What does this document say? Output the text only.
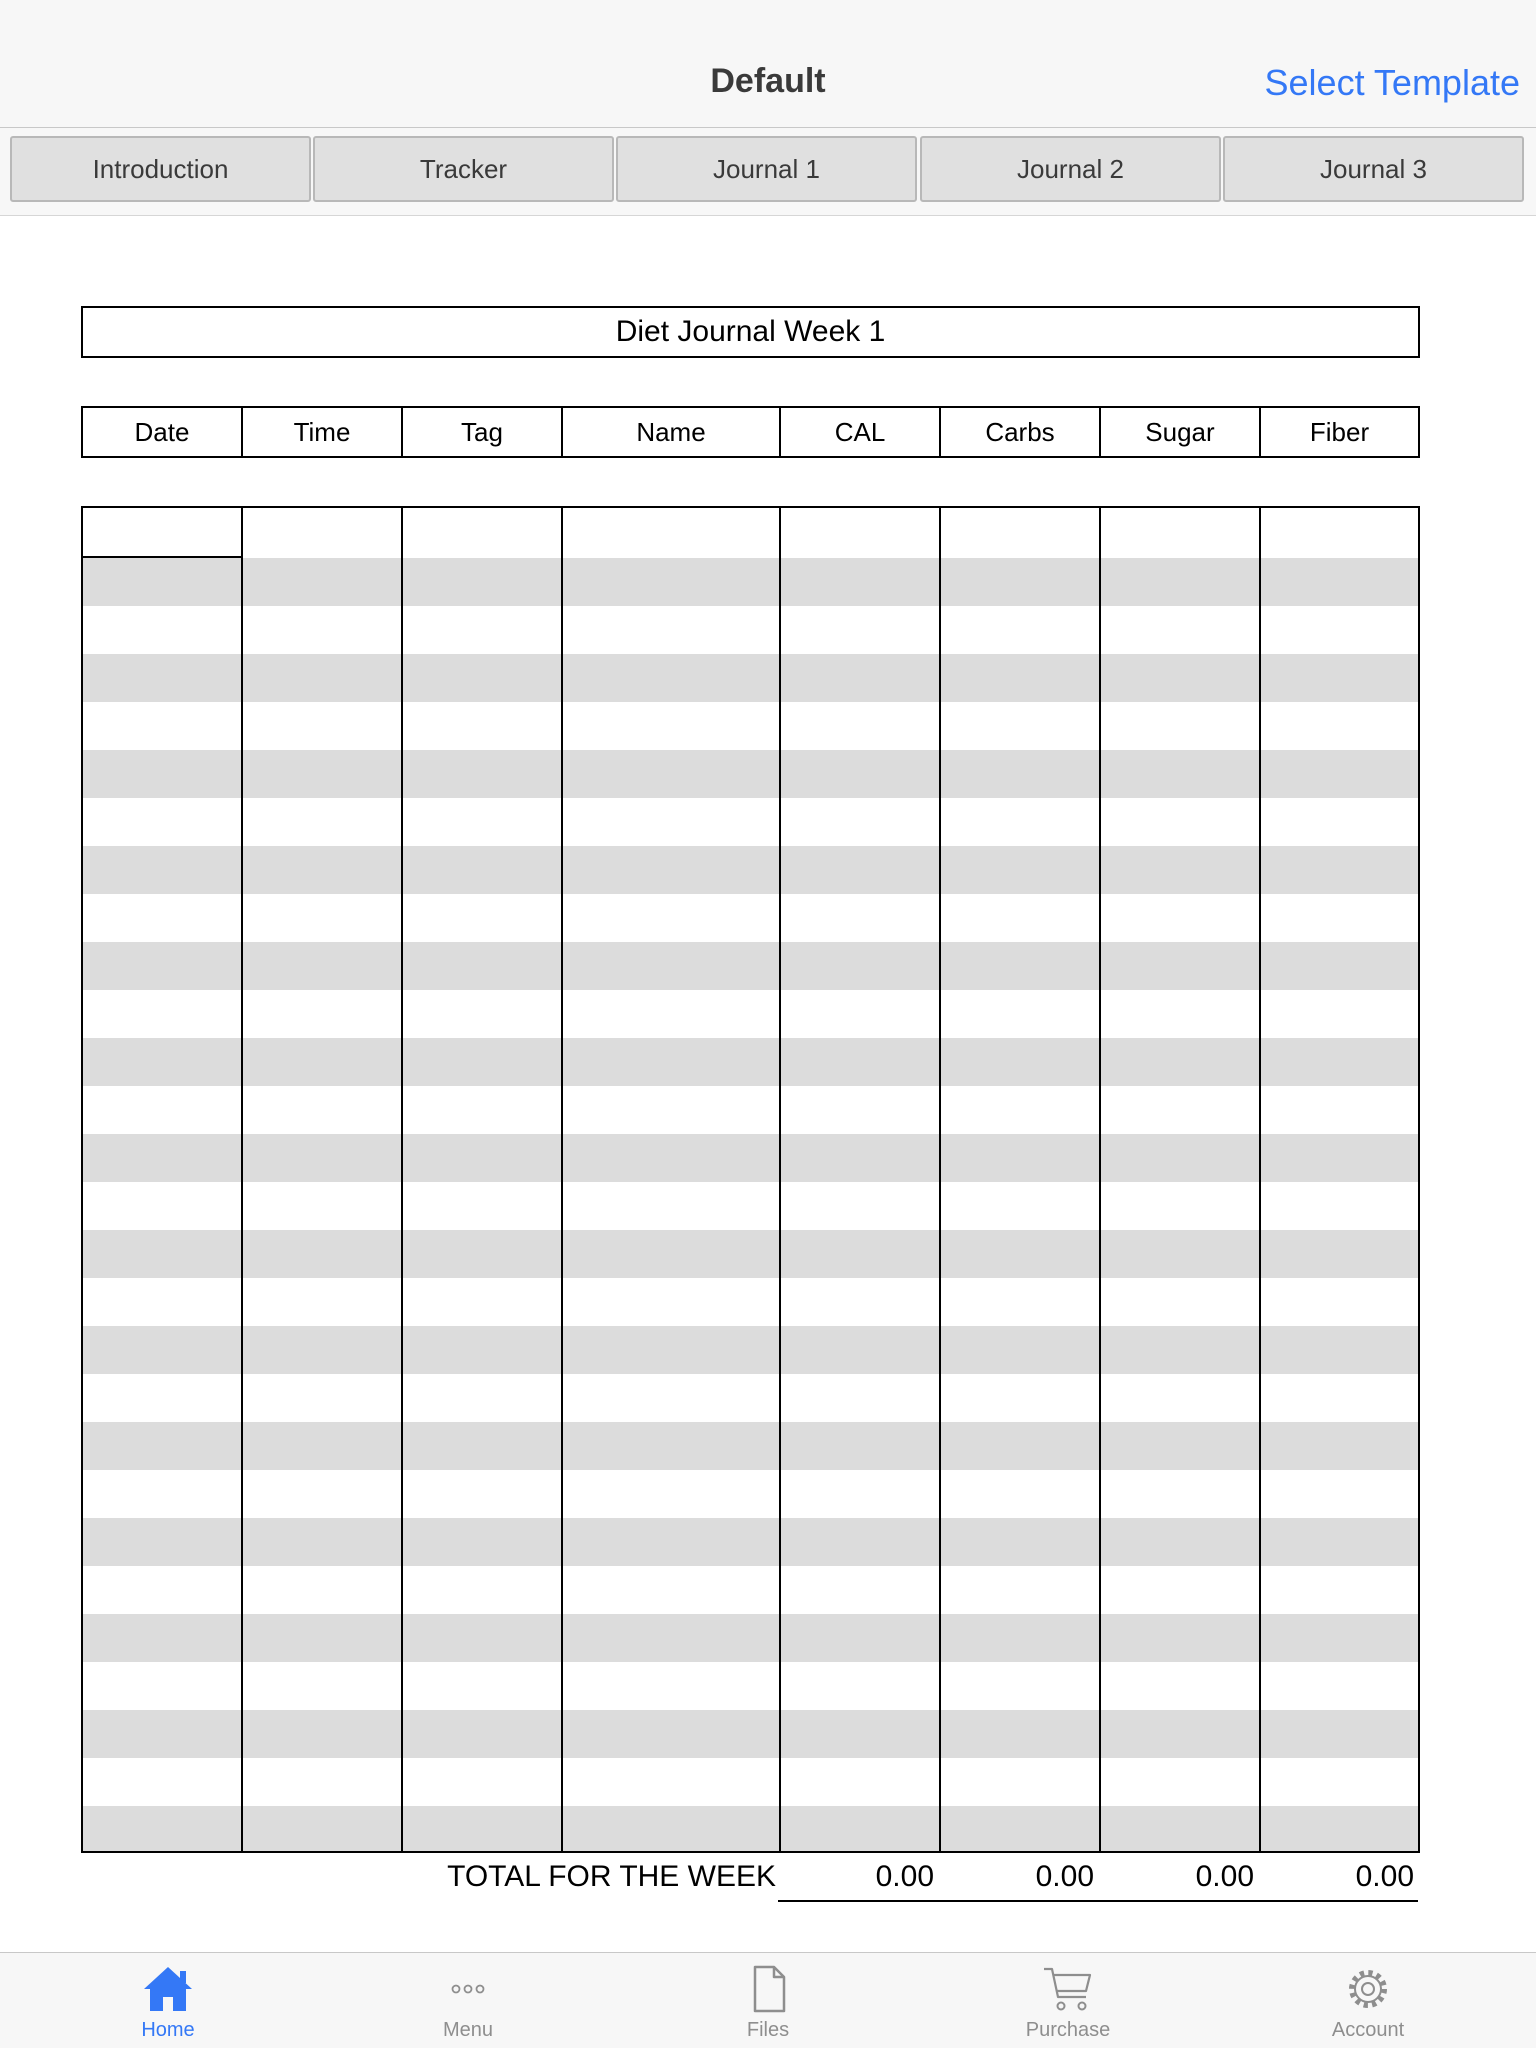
Default	Select Template
Introduction	Tracker	Journal 1	Journal 2	Journal 3
Diet Journal Week 1
Date	Time	Tag	Name	CAL	Carbs	Sugar	Fiber
TOTAL FOR THE WEEK	0.00	0.00	0.00	0.00
Home	Menu	Files	Purchase	Account
